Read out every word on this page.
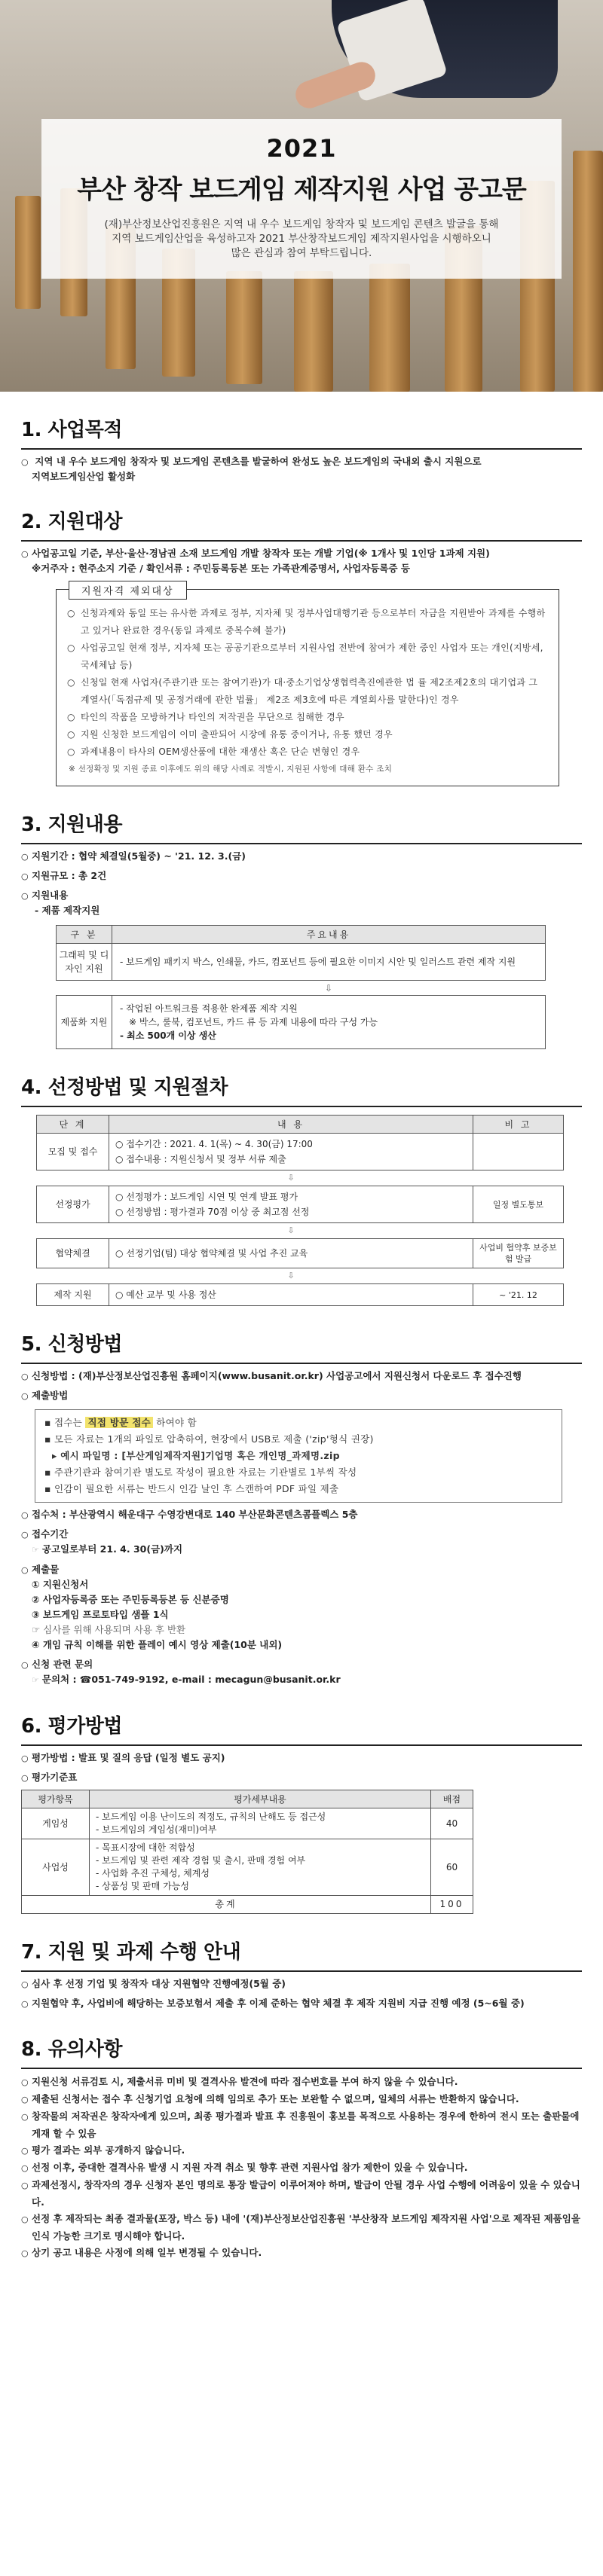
2021
부산 창작 보드게임 제작지원 사업 공고문
(재)부산정보산업진흥원은 지역 내 우수 보드게임 창작자 및 보드게임 콘텐츠 발굴을 통해
지역 보드게임산업을 육성하고자 2021 부산창작보드게임 제작지원사업을 시행하오니
많은 관심과 참여 부탁드립니다.
1. 사업목적
○ 지역 내 우수 보드게임 창작자 및 보드게임 콘텐츠를 발굴하여 완성도 높은 보드게임의 국내외 출시 지원으로
지역보드게임산업 활성화
2. 지원대상
○ 사업공고일 기준, 부산·울산·경남권 소재 보드게임 개발 창작자 또는 개발 기업(※ 1개사 및 1인당 1과제 지원)
※거주자 : 현주소지 기준 / 확인서류 : 주민등록등본 또는 가족관계증명서, 사업자등록증 등
지원자격 제외대상

○ 신청과제와 동일 또는 유사한 과제로 정부, 지자체 및 정부사업대행기관 등으로부터 자금을 지원받아 과제를 수행하고 있거나 완료한 경우(동일 과제로 중복수혜 불가)

○ 사업공고일 현재 정부, 지자체 또는 공공기관으로부터 지원사업 전반에 참여가 제한 중인 사업자 또는 개인(지방세, 국세체납 등)

○ 신청일 현재 사업자(주관기관 또는 참여기관)가 대·중소기업상생협력촉진에관한 법 률 제2조제2호의 대기업과 그 계열사(「독점규제 및 공정거래에 관한 법률」 제2조 제3호에 따른 계열회사를 말한다)인 경우

○ 타인의 작품을 모방하거나 타인의 저작권을 무단으로 침해한 경우

○ 지원 신청한 보드게임이 이미 출판되어 시장에 유통 중이거나, 유통 했던 경우

○ 과제내용이 타사의 OEM생산품에 대한 재생산 혹은 단순 변형인 경우

※ 선정확정 및 지원 종료 이후에도 위의 해당 사례로 적발시, 지원된 사항에 대해 환수 조치

3. 지원내용
○ 지원기간 : 협약 체결일(5월중) ~ '21. 12. 3.(금)
○ 지원규모 : 총 2건
○ 지원내용
- 제품 제작지원
구 분	주요내용
그래픽 및 디자인 지원	- 보드게임 패키지 박스, 인쇄물, 카드, 컴포넌트 등에 필요한 이미지 시안 및 일러스트 관련 제작 지원
	⇩
제품화 지원	- 작업된 아트워크를 적용한 완제품 제작 지원
※ 박스, 룰북, 컴포넌트, 카드 류 등 과제 내용에 따라 구성 가능
- 최소 500개 이상 생산
4. 선정방법 및 지원절차
단 계	내 용	비 고
모집 및 접수	○ 접수기간 : 2021. 4. 1(목) ~ 4. 30(금) 17:00
○ 접수내용 : 지원신청서 및 정부 서류 제출

	⇩	
선정평가	○ 선정평가 : 보드게임 시연 및 연계 발표 평가
○ 선정방법 : 평가결과 70점 이상 중 최고점 선정	일정 별도통보
	⇩	
협약체결	○ 선정기업(팀) 대상 협약체결 및 사업 추진 교육	사업비 협약후 보증보험 발급
	⇩	
제작 지원	○ 예산 교부 및 사용 정산	~ '21. 12
5. 신청방법
○ 신청방법 : (재)부산정보산업진흥원 홈페이지(www.busanit.or.kr) 사업공고에서 지원신청서 다운로드 후 접수진행
○ 제출방법

▪ 접수는 직접 방문 접수 하여야 함

▪ 모든 자료는 1개의 파일로 압축하여, 현장에서 USB로 제출 ('zip'형식 권장)

▸ 예시 파일명 : [부산게임제작지원]기업명 혹은 개인명_과제명.zip

▪ 주관기관과 참여기관 별도로 작성이 필요한 자료는 기관별로 1부씩 작성

▪ 인감이 필요한 서류는 반드시 인감 날인 후 스캔하여 PDF 파일 제출

○ 접수처 : 부산광역시 해운대구 수영강변대로 140 부산문화콘텐츠콤플렉스 5층
○ 접수기간
☞ 공고일로부터 21. 4. 30(금)까지
○ 제출물

① 지원신청서

② 사업자등록증 또는 주민등록등본 등 신분증명

③ 보드게임 프로토타입 샘플 1식

☞ 심사를 위해 사용되며 사용 후 반환

④ 개임 규칙 이해를 위한 플레이 예시 영상 제출(10분 내외)

○ 신청 관련 문의
☞ 문의처 : ☎051-749-9192, e-mail : mecagun@busanit.or.kr
6. 평가방법
○ 평가방법 : 발표 및 질의 응답 (일정 별도 공지)
○ 평가기준표
평가항목	평가세부내용	배점
게임성	- 보드게임 이용 난이도의 적정도, 규칙의 난해도 등 접근성
- 보드게임의 게임성(재미)여부	40
사업성	- 목표시장에 대한 적합성
- 보드게임 및 관련 제작 경험 및 출시, 판매 경험 여부
- 사업화 추진 구체성, 체계성
- 상품성 및 판매 가능성	60
총계		100
7. 지원 및 과제 수행 안내
○ 심사 후 선정 기업 및 창작자 대상 지원협약 진행예정(5월 중)
○ 지원협약 후, 사업비에 해당하는 보증보험서 제출 후 이제 준하는 협약 체결 후 제작 지원비 지급 진행 예정 (5~6월 중)
8. 유의사항

○ 지원신청 서류검토 시, 제출서류 미비 및 결격사유 발견에 따라 접수번호를 부여 하지 않을 수 있습니다.

○ 제출된 신청서는 접수 후 신청기업 요청에 의해 임의로 추가 또는 보완할 수 없으며, 일체의 서류는 반환하지 않습니다.

○ 창작물의 저작권은 창작자에게 있으며, 최종 평가결과 발표 후 진흥원이 홍보를 목적으로 사용하는 경우에 한하여 전시 또는 출판물에 게재 할 수 있음

○ 평가 결과는 외부 공개하지 않습니다.

○ 선정 이후, 중대한 결격사유 발생 시 지원 자격 취소 및 향후 관련 지원사업 참가 제한이 있을 수 있습니다.

○ 과제선정시, 창작자의 경우 신청자 본인 명의로 통장 발급이 이루어져야 하며, 발급이 안될 경우 사업 수행에 어려움이 있을 수 있습니다.

○ 선정 후 제작되는 최종 결과물(포장, 박스 등) 내에 '(재)부산정보산업진흥원 '부산창작 보드게임 제작지원 사업'으로 제작된 제품임을 인식 가능한 크기로 명시해야 합니다.

○ 상기 공고 내용은 사정에 의해 일부 변경될 수 있습니다.
